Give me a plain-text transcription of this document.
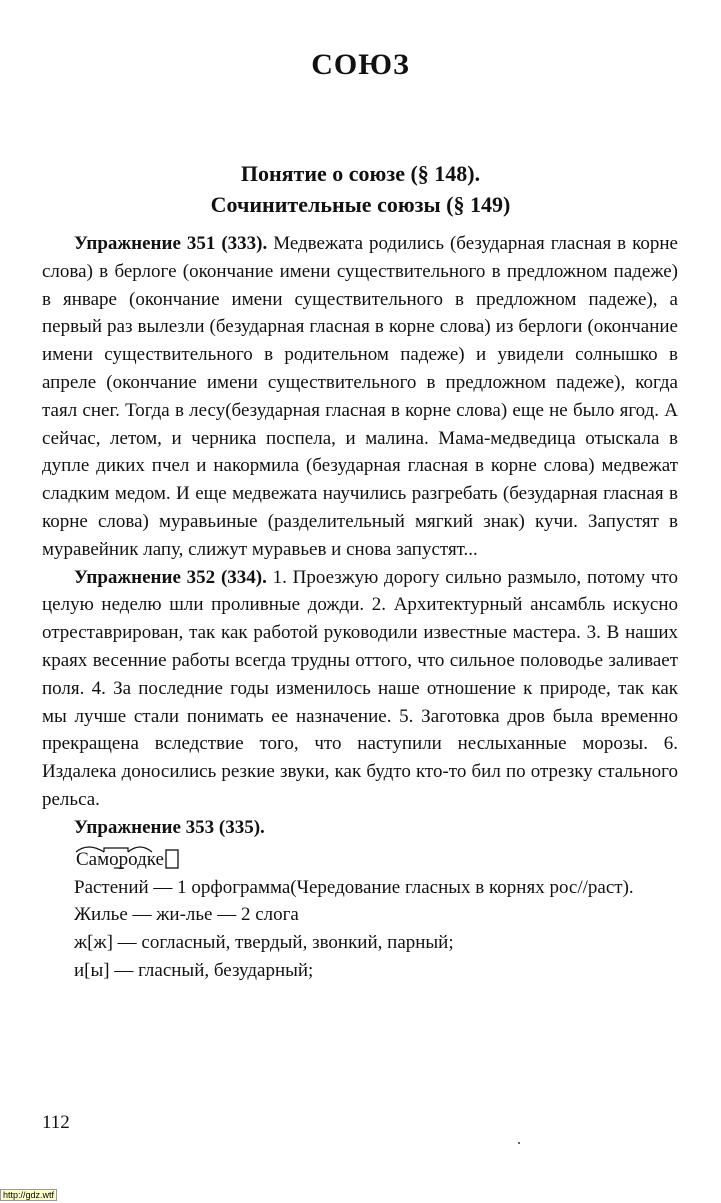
СОЮЗ
Понятие о союзе (§ 148).
Сочинительные союзы (§ 149)

Упражнение 351 (333). Медвежата родились (безударная гласная в корне слова) в берлоге (окончание имени существительного в предложном падеже) в январе (окончание имени существительного в предложном падеже), а первый раз вылезли (безударная гласная в корне слова) из берлоги (окончание имени существительного в родительном падеже) и увидели солнышко в апреле (окончание имени существительного в предложном падеже), когда таял снег. Тогда в лесу(безударная гласная в корне слова) еще не было ягод. А сейчас, летом, и черника поспела, и малина. Мама-медведица отыскала в дупле диких пчел и накормила (безударная гласная в корне слова) медвежат сладким медом. И еще медвежата научились разгребать (безударная гласная в корне слова) муравьиные (разделительный мягкий знак) кучи. Запустят в муравейник лапу, слижут муравьев и снова запустят...

Упражнение 352 (334). 1. Проезжую дорогу сильно размыло, потому что целую неделю шли проливные дожди. 2. Архитектурный ансамбль искусно отреставрирован, так как работой руководили известные мастера. 3. В наших краях весенние работы всегда трудны оттого, что сильное половодье заливает поля. 4. За последние годы изменилось наше отношение к природе, так как мы лучше стали понимать ее назначение. 5. Заготовка дров была временно прекращена вследствие того, что наступили неслыханные морозы. 6. Издалека доносились резкие звуки, как будто кто-то бил по отрезку стального рельса.

Упражнение 353 (335).

Самородке

Растений — 1 орфограмма(Чередование гласных в корнях рос//раст).

Жилье — жи-лье — 2 слога

ж[ж] — согласный, твердый, звонкий, парный;

и[ы] — гласный, безударный;

112
http://gdz.wtf
